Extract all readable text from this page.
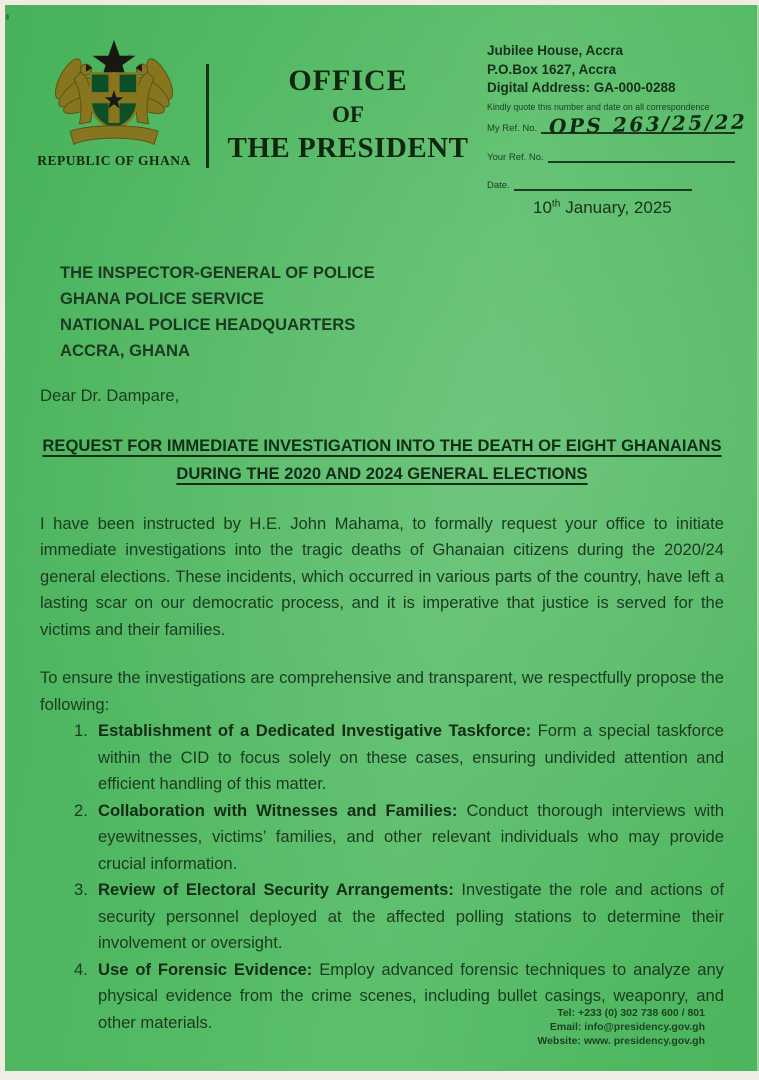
REPUBLIC OF GHANA
OFFICE
OF
THE PRESIDENT
Jubilee House, Accra
P.O.Box 1627, Accra
Digital Address: GA-000-0288
Kindly quote this number and date on all correspondence
My Ref. No. OPS 263/25/22
Your Ref. No.
Date.
10th January, 2025
THE INSPECTOR-GENERAL OF POLICE
GHANA POLICE SERVICE
NATIONAL POLICE HEADQUARTERS
ACCRA, GHANA
Dear Dr. Dampare,
REQUEST FOR IMMEDIATE INVESTIGATION INTO THE DEATH OF EIGHT GHANAIANS
DURING THE 2020 AND 2024 GENERAL ELECTIONS
I have been instructed by H.E. John Mahama, to formally request your office to initiate immediate investigations into the tragic deaths of Ghanaian citizens during the 2020/24 general elections. These incidents, which occurred in various parts of the country, have left a lasting scar on our democratic process, and it is imperative that justice is served for the victims and their families.
To ensure the investigations are comprehensive and transparent, we respectfully propose the following:
1. Establishment of a Dedicated Investigative Taskforce: Form a special taskforce within the CID to focus solely on these cases, ensuring undivided attention and efficient handling of this matter.
2. Collaboration with Witnesses and Families: Conduct thorough interviews with eyewitnesses, victims’ families, and other relevant individuals who may provide crucial information.
3. Review of Electoral Security Arrangements: Investigate the role and actions of security personnel deployed at the affected polling stations to determine their involvement or oversight.
4. Use of Forensic Evidence: Employ advanced forensic techniques to analyze any physical evidence from the crime scenes, including bullet casings, weaponry, and other materials.	Tel: +233 (0) 302 738 600 / 801
Email: info@presidency.gov.gh
Website: www. presidency.gov.gh
